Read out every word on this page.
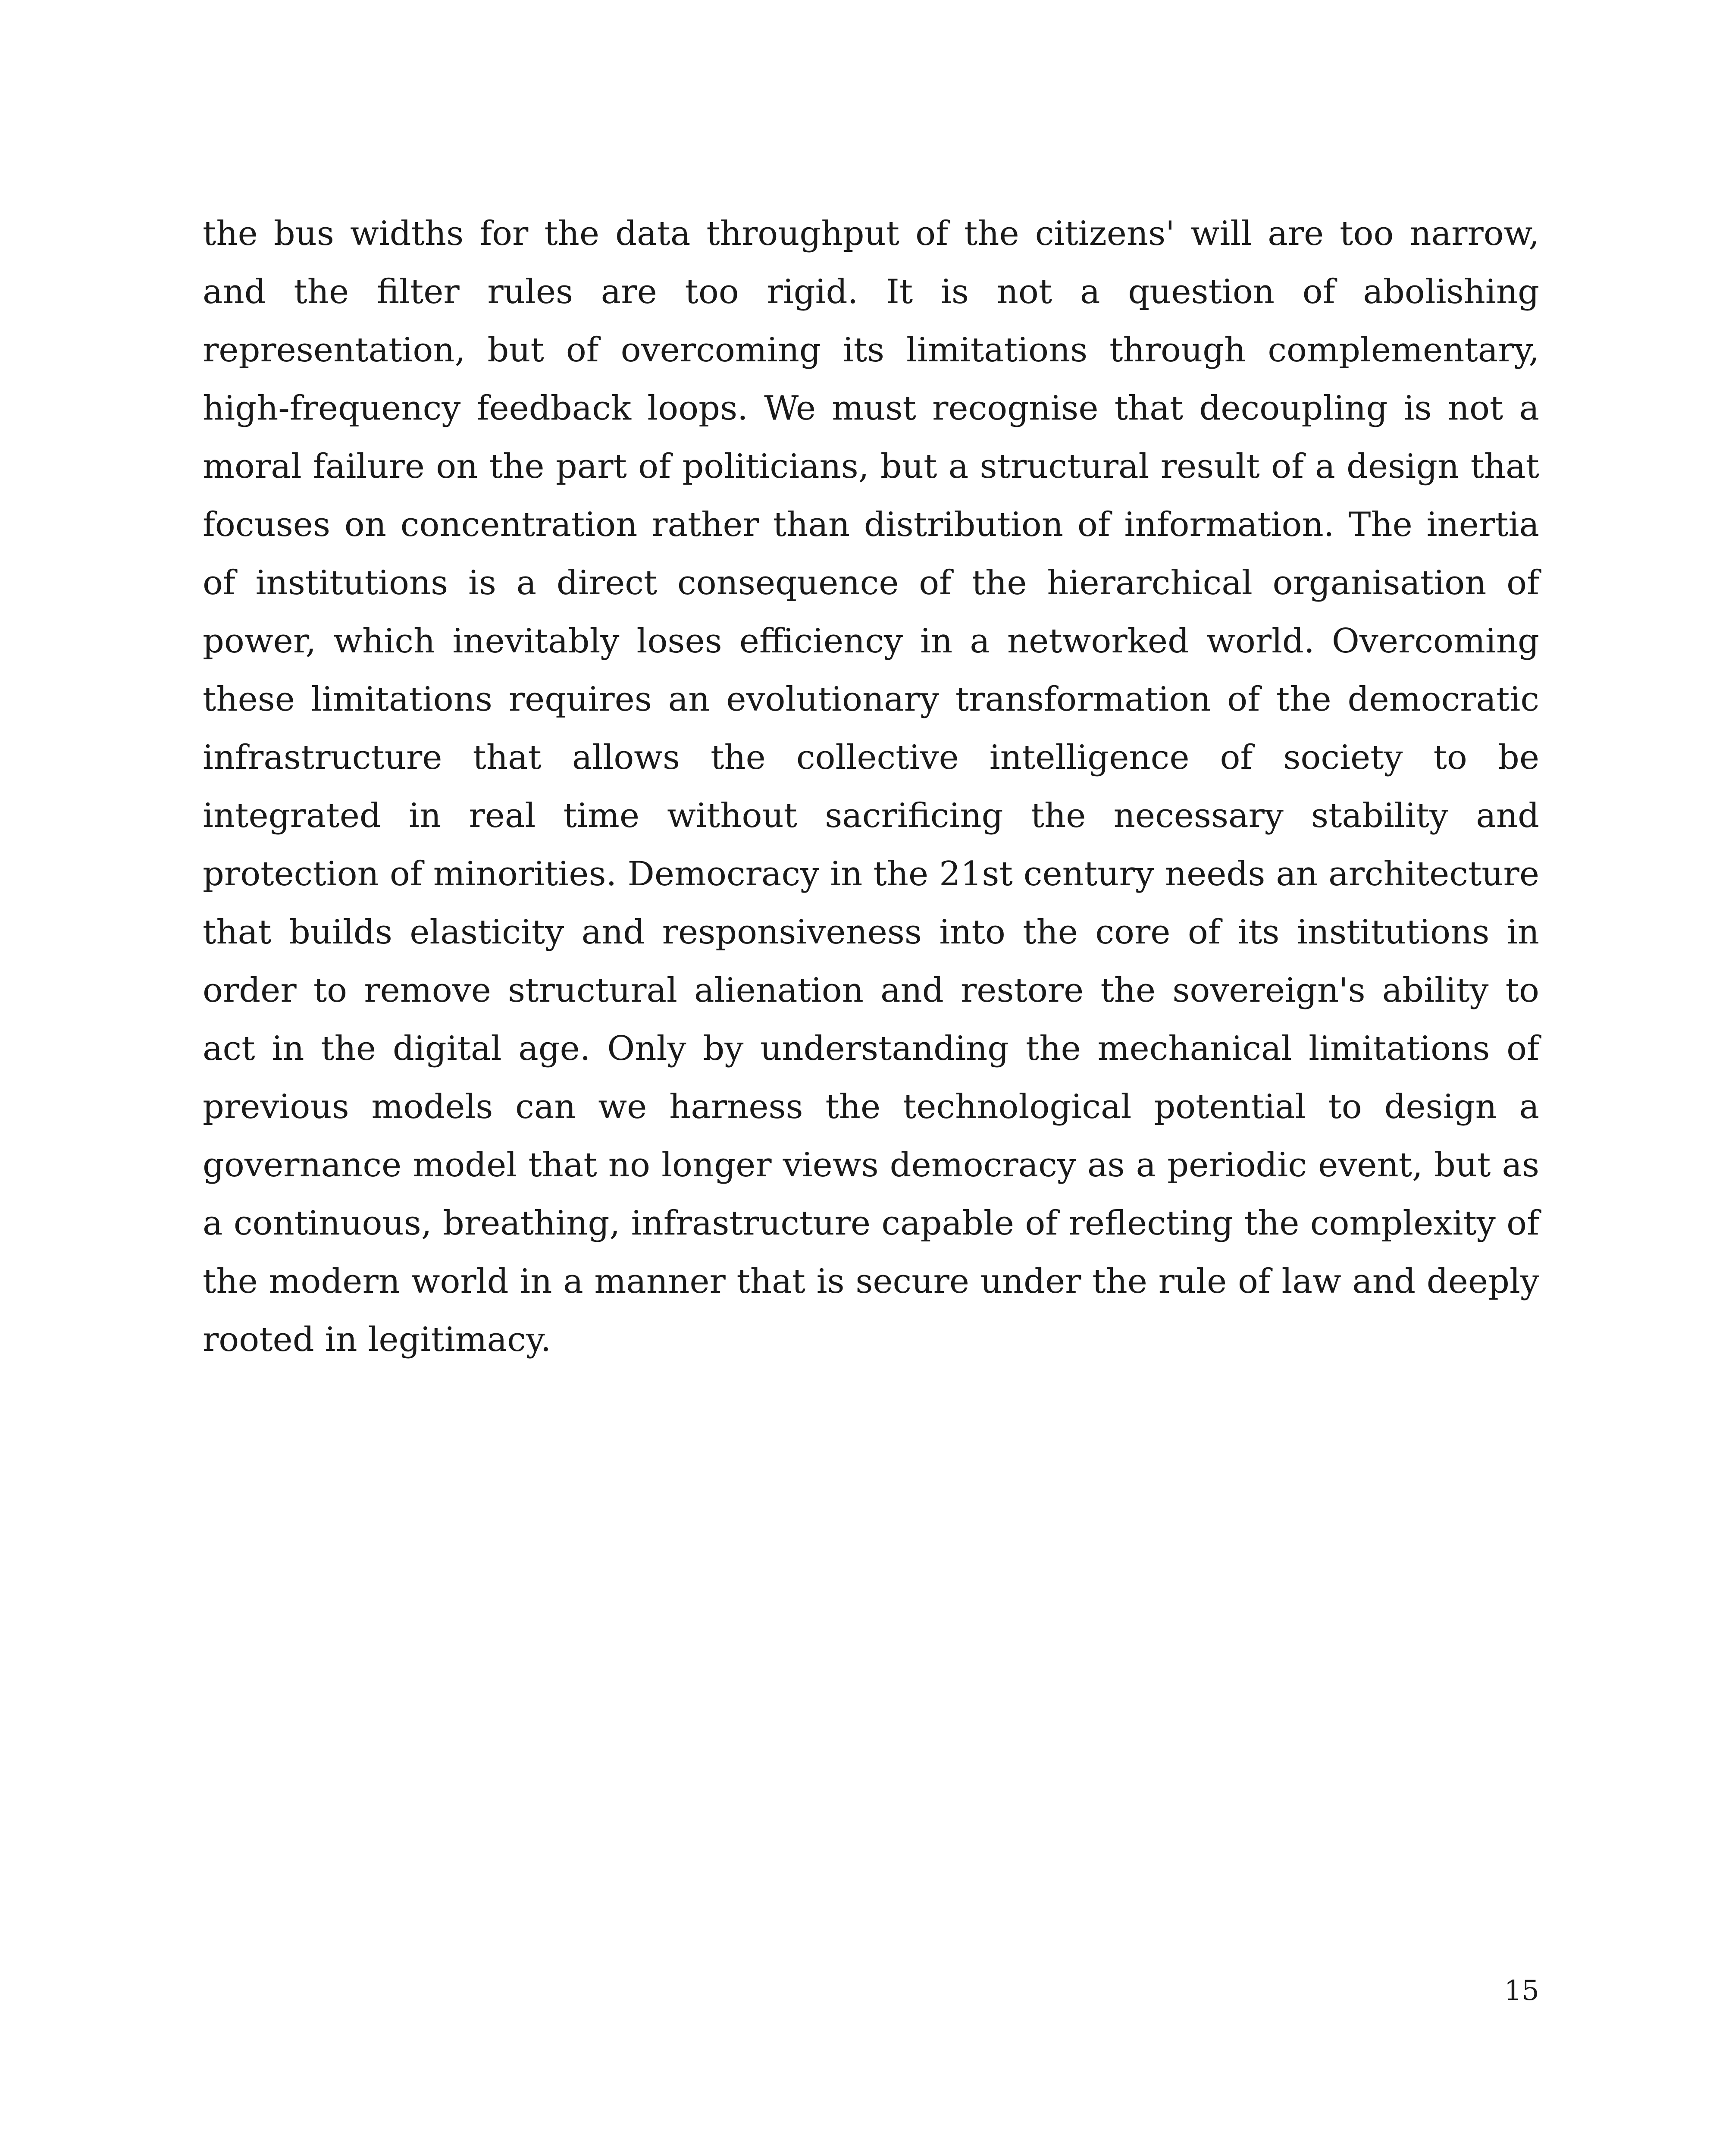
the bus widths for the data throughput of the citizens' will are too narrow, and the filter rules are too rigid. It is not a question of abolishing representation, but of overcoming its limitations through complementary, high-frequency feedback loops. We must recognise that decoupling is not a moral failure on the part of politicians, but a structural result of a design that focuses on concentration rather than distribution of information. The inertia of institutions is a direct consequence of the hierarchical organisation of power, which inevitably loses efficiency in a networked world. Overcoming these limitations requires an evolutionary transformation of the democratic infrastructure that allows the collective intelligence of society to be integrated in real time without sacrificing the necessary stability and protection of minorities. Democracy in the 21st century needs an architecture that builds elasticity and responsiveness into the core of its institutions in order to remove structural alienation and restore the sovereign's ability to act in the digital age. Only by understanding the mechanical limitations of previous models can we harness the technological potential to design a governance model that no longer views democracy as a periodic event, but as a continuous, breathing, infrastructure capable of reflecting the complexity of the modern world in a manner that is secure under the rule of law and deeply rooted in legitimacy.

15
